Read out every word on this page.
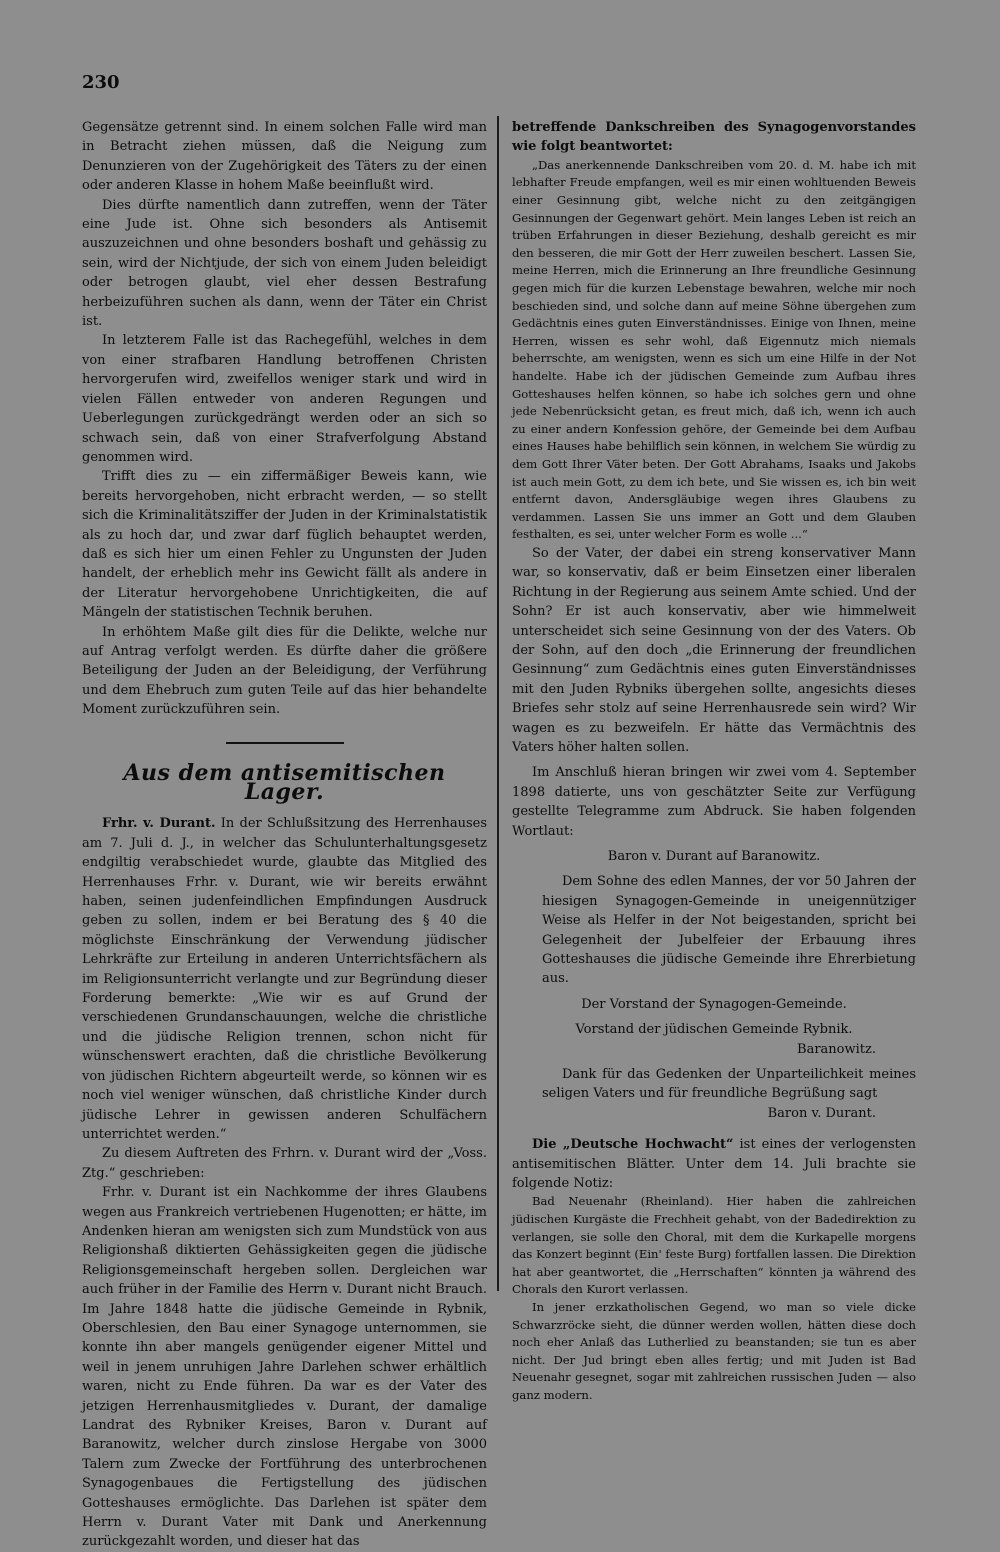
230

Gegensätze getrennt sind. In einem solchen Falle wird man in Betracht ziehen müssen, daß die Neigung zum Denunzieren von der Zugehörigkeit des Täters zu der einen oder anderen Klasse in hohem Maße beeinflußt wird.

Dies dürfte namentlich dann zutreffen, wenn der Täter eine Jude ist. Ohne sich besonders als Antisemit auszuzeichnen und ohne besonders boshaft und gehässig zu sein, wird der Nichtjude, der sich von einem Juden beleidigt oder betrogen glaubt, viel eher dessen Bestrafung herbeizuführen suchen als dann, wenn der Täter ein Christ ist.

In letzterem Falle ist das Rachegefühl, welches in dem von einer strafbaren Handlung betroffenen Christen hervorgerufen wird, zweifellos weniger stark und wird in vielen Fällen entweder von anderen Regungen und Ueberlegungen zurückgedrängt werden oder an sich so schwach sein, daß von einer Strafverfolgung Abstand genommen wird.

Trifft dies zu — ein ziffermäßiger Beweis kann, wie bereits hervorgehoben, nicht erbracht werden, — so stellt sich die Kriminalitätsziffer der Juden in der Kriminalstatistik als zu hoch dar, und zwar darf füglich behauptet werden, daß es sich hier um einen Fehler zu Ungunsten der Juden handelt, der erheblich mehr ins Gewicht fällt als andere in der Literatur hervorgehobene Unrichtigkeiten, die auf Mängeln der statistischen Technik beruhen.

In erhöhtem Maße gilt dies für die Delikte, welche nur auf Antrag verfolgt werden. Es dürfte daher die größere Beteiligung der Juden an der Beleidigung, der Verführung und dem Ehebruch zum guten Teile auf das hier behandelte Moment zurückzuführen sein.

Aus dem antisemitischen Lager.

Frhr. v. Durant. In der Schlußsitzung des Herrenhauses am 7. Juli d. J., in welcher das Schulunterhaltungsgesetz endgiltig verabschiedet wurde, glaubte das Mitglied des Herrenhauses Frhr. v. Durant, wie wir bereits erwähnt haben, seinen judenfeindlichen Empfindungen Ausdruck geben zu sollen, indem er bei Beratung des § 40 die möglichste Einschränkung der Verwendung jüdischer Lehrkräfte zur Erteilung in anderen Unterrichtsfächern als im Religionsunterricht verlangte und zur Begründung dieser Forderung bemerkte: „Wie wir es auf Grund der verschiedenen Grundanschauungen, welche die christliche und die jüdische Religion trennen, schon nicht für wünschenswert erachten, daß die christliche Bevölkerung von jüdischen Richtern abgeurteilt werde, so können wir es noch viel weniger wünschen, daß christliche Kinder durch jüdische Lehrer in gewissen anderen Schulfächern unterrichtet werden.“

Zu diesem Auftreten des Frhrn. v. Durant wird der „Voss. Ztg.“ geschrieben:

Frhr. v. Durant ist ein Nachkomme der ihres Glaubens wegen aus Frankreich vertriebenen Hugenotten; er hätte, im Andenken hieran am wenigsten sich zum Mundstück von aus Religionshaß diktierten Gehässigkeiten gegen die jüdische Religionsgemeinschaft hergeben sollen. Dergleichen war auch früher in der Familie des Herrn v. Durant nicht Brauch. Im Jahre 1848 hatte die jüdische Gemeinde in Rybnik, Oberschlesien, den Bau einer Synagoge unternommen, sie konnte ihn aber mangels genügender eigener Mittel und weil in jenem unruhigen Jahre Darlehen schwer erhältlich waren, nicht zu Ende führen. Da war es der Vater des jetzigen Herrenhausmitgliedes v. Durant, der damalige Landrat des Rybniker Kreises, Baron v. Durant auf Baranowitz, welcher durch zinslose Hergabe von 3000 Talern zum Zwecke der Fortführung des unterbrochenen Synagogenbaues die Fertigstellung des jüdischen Gotteshauses ermöglichte. Das Darlehen ist später dem Herrn v. Durant Vater mit Dank und Anerkennung zurückgezahlt worden, und dieser hat das

betreffende Dankschreiben des Synagogenvorstandes wie folgt beantwortet:

„Das anerkennende Dankschreiben vom 20. d. M. habe ich mit lebhafter Freude empfangen, weil es mir einen wohltuenden Beweis einer Gesinnung gibt, welche nicht zu den zeitgängigen Gesinnungen der Gegenwart gehört. Mein langes Leben ist reich an trüben Erfahrungen in dieser Beziehung, deshalb gereicht es mir den besseren, die mir Gott der Herr zuweilen beschert. Lassen Sie, meine Herren, mich die Erinnerung an Ihre freundliche Gesinnung gegen mich für die kurzen Lebenstage bewahren, welche mir noch beschieden sind, und solche dann auf meine Söhne übergehen zum Gedächtnis eines guten Einverständnisses. Einige von Ihnen, meine Herren, wissen es sehr wohl, daß Eigennutz mich niemals beherrschte, am wenigsten, wenn es sich um eine Hilfe in der Not handelte. Habe ich der jüdischen Gemeinde zum Aufbau ihres Gotteshauses helfen können, so habe ich solches gern und ohne jede Nebenrücksicht getan, es freut mich, daß ich, wenn ich auch zu einer andern Konfession gehöre, der Gemeinde bei dem Aufbau eines Hauses habe behilflich sein können, in welchem Sie würdig zu dem Gott Ihrer Väter beten. Der Gott Abrahams, Isaaks und Jakobs ist auch mein Gott, zu dem ich bete, und Sie wissen es, ich bin weit entfernt davon, Andersgläubige wegen ihres Glaubens zu verdammen. Lassen Sie uns immer an Gott und dem Glauben festhalten, es sei, unter welcher Form es wolle ...“

So der Vater, der dabei ein streng konservativer Mann war, so konservativ, daß er beim Einsetzen einer liberalen Richtung in der Regierung aus seinem Amte schied. Und der Sohn? Er ist auch konservativ, aber wie himmelweit unterscheidet sich seine Gesinnung von der des Vaters. Ob der Sohn, auf den doch „die Erinnerung der freundlichen Gesinnung“ zum Gedächtnis eines guten Einverständnisses mit den Juden Rybniks übergehen sollte, angesichts dieses Briefes sehr stolz auf seine Herrenhausrede sein wird? Wir wagen es zu bezweifeln. Er hätte das Vermächtnis des Vaters höher halten sollen.

Im Anschluß hieran bringen wir zwei vom 4. September 1898 datierte, uns von geschätzter Seite zur Verfügung gestellte Telegramme zum Abdruck. Sie haben folgenden Wortlaut:

Baron v. Durant auf Baranowitz.

Dem Sohne des edlen Mannes, der vor 50 Jahren der hiesigen Synagogen-Gemeinde in uneigennütziger Weise als Helfer in der Not beigestanden, spricht bei Gelegenheit der Jubelfeier der Erbauung ihres Gotteshauses die jüdische Gemeinde ihre Ehrerbietung aus.

Der Vorstand der Synagogen-Gemeinde.

Vorstand der jüdischen Gemeinde Rybnik.

Baranowitz.

Dank für das Gedenken der Unparteilichkeit meines seligen Vaters und für freundliche Begrüßung sagt

Baron v. Durant.

Die „Deutsche Hochwacht“ ist eines der verlogensten antisemitischen Blätter. Unter dem 14. Juli brachte sie folgende Notiz:

Bad Neuenahr (Rheinland). Hier haben die zahlreichen jüdischen Kurgäste die Frechheit gehabt, von der Badedirektion zu verlangen, sie solle den Choral, mit dem die Kurkapelle morgens das Konzert beginnt (Ein' feste Burg) fortfallen lassen. Die Direktion hat aber geantwortet, die „Herrschaften“ könnten ja während des Chorals den Kurort verlassen.

In jener erzkatholischen Gegend, wo man so viele dicke Schwarzröcke sieht, die dünner werden wollen, hätten diese doch noch eher Anlaß das Lutherlied zu beanstanden; sie tun es aber nicht. Der Jud bringt eben alles fertig; und mit Juden ist Bad Neuenahr gesegnet, sogar mit zahlreichen russischen Juden — also ganz modern.
